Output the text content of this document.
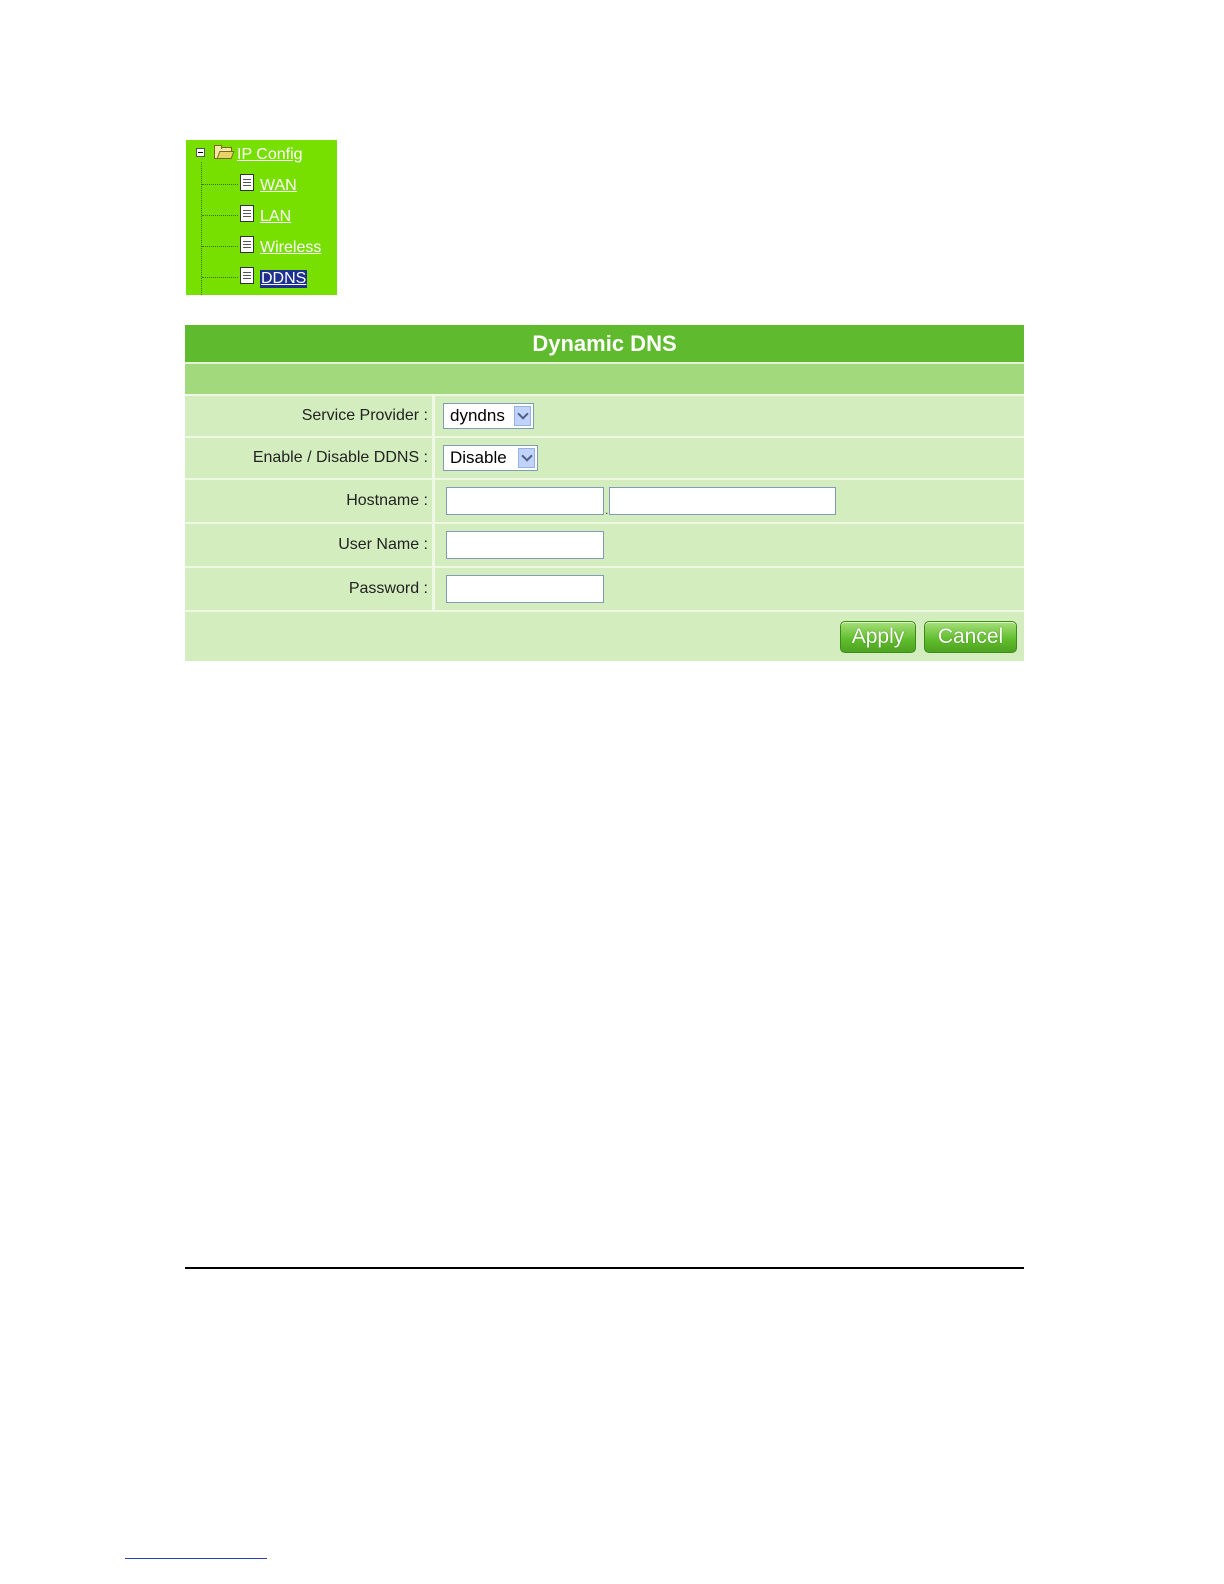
IP Config
WAN
LAN
Wireless
DDNS
Dynamic DNS
Service Provider :	dyndns
Enable / Disable DDNS :	Disable
Hostname :
.
User Name :
Password :
Apply	Cancel
